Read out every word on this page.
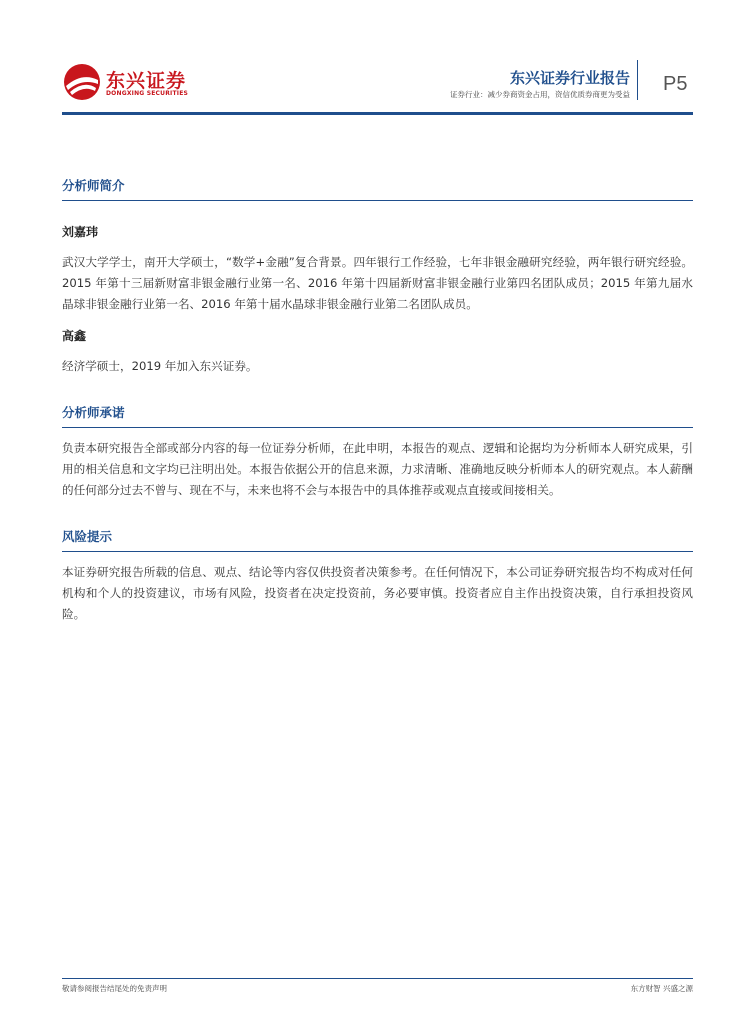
东兴证券
DONGXING SECURITIES
东兴证券行业报告
证券行业：减少券商资金占用，资信优质券商更为受益 P5
分析师简介
刘嘉玮

武汉大学学士，南开大学硕士，“数学+金融”复合背景。四年银行工作经验，七年非银金融研究经验，两年银行研究经验。2015 年第十三届新财富非银金融行业第一名、2016 年第十四届新财富非银金融行业第四名团队成员；2015 年第九届水晶球非银金融行业第一名、2016 年第十届水晶球非银金融行业第二名团队成员。

高鑫

经济学硕士，2019 年加入东兴证券。

分析师承诺

负责本研究报告全部或部分内容的每一位证券分析师，在此申明，本报告的观点、逻辑和论据均为分析师本人研究成果，引用的相关信息和文字均已注明出处。本报告依据公开的信息来源，力求清晰、准确地反映分析师本人的研究观点。本人薪酬的任何部分过去不曾与、现在不与，未来也将不会与本报告中的具体推荐或观点直接或间接相关。

风险提示

本证券研究报告所载的信息、观点、结论等内容仅供投资者决策参考。在任何情况下，本公司证券研究报告均不构成对任何机构和个人的投资建议，市场有风险，投资者在决定投资前，务必要审慎。投资者应自主作出投资决策，自行承担投资风险。

敬请参阅报告结尾处的免责声明	东方财智 兴盛之源
